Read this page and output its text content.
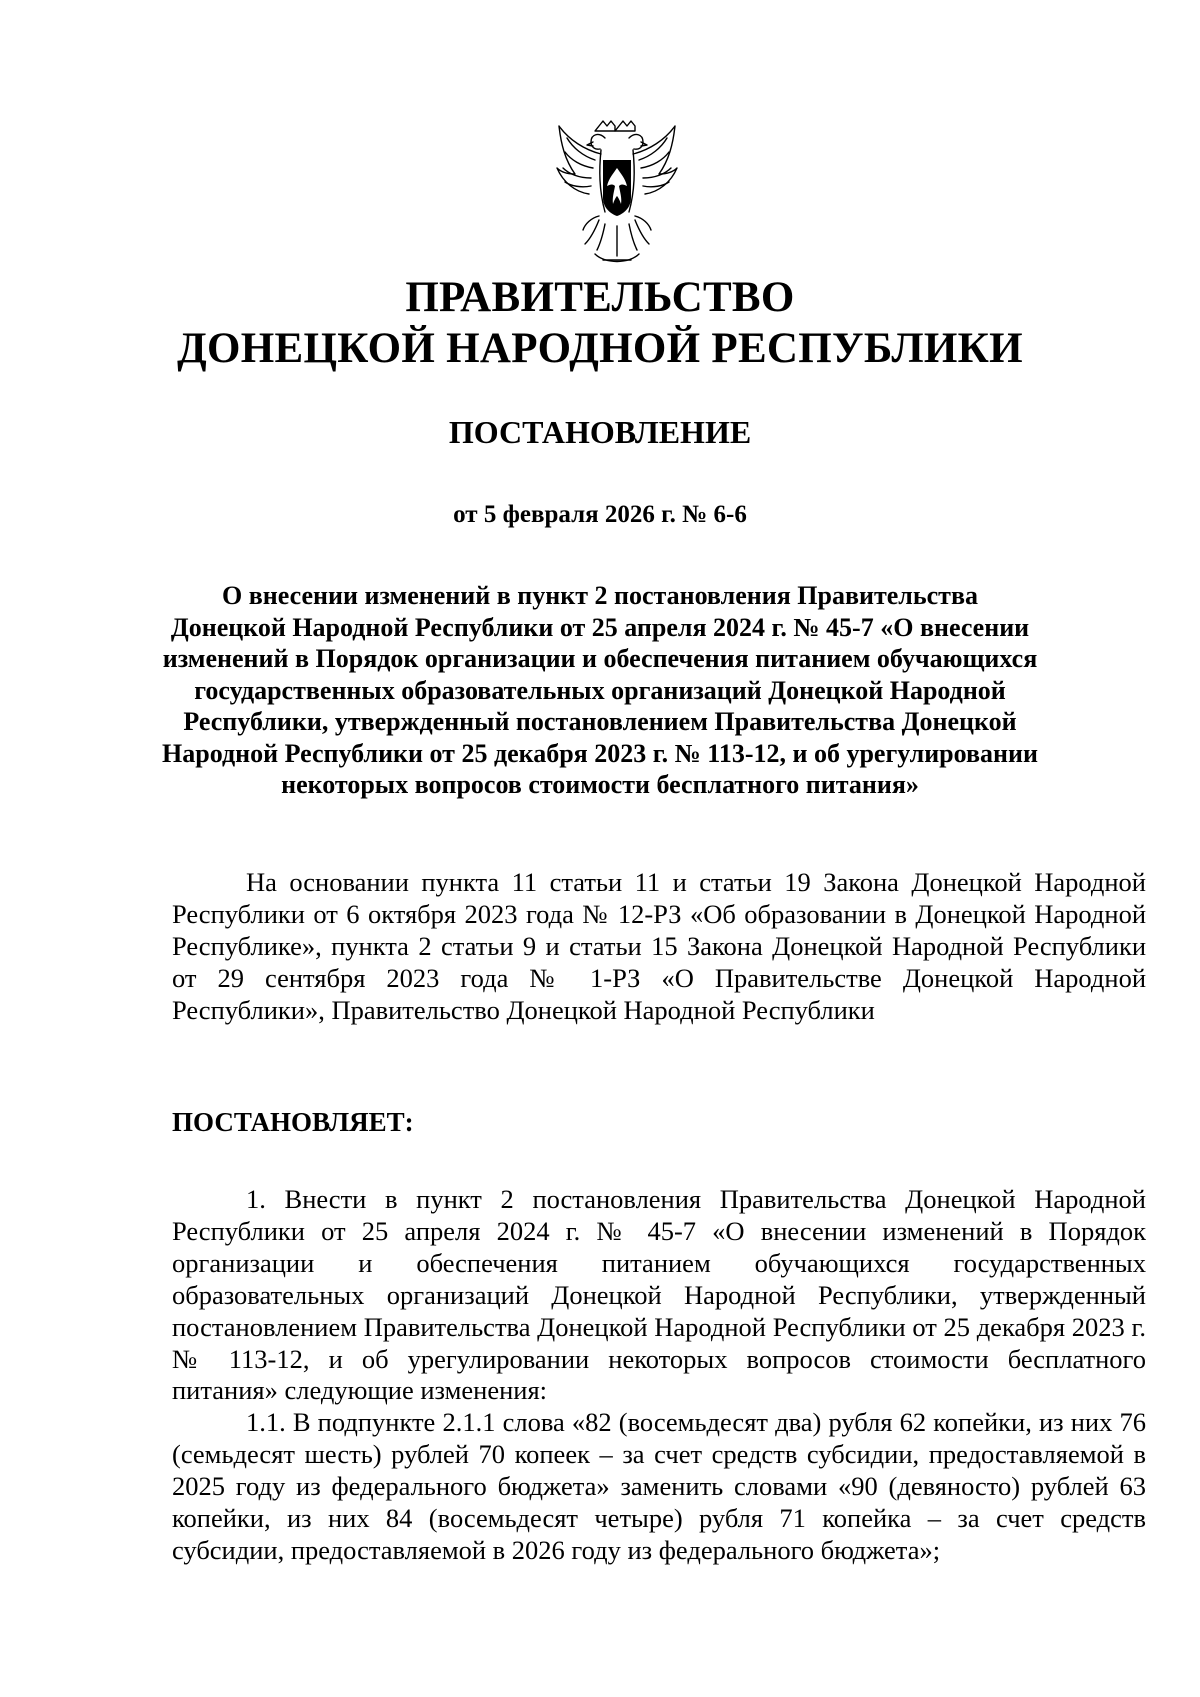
ПРАВИТЕЛЬСТВО
ДОНЕЦКОЙ НАРОДНОЙ РЕСПУБЛИКИ
ПОСТАНОВЛЕНИЕ
от 5 февраля 2026 г. № 6-6
О внесении изменений в пункт 2 постановления Правительства
Донецкой Народной Республики от 25 апреля 2024 г. № 45-7 «О внесении
изменений в Порядок организации и обеспечения питанием обучающихся
государственных образовательных организаций Донецкой Народной
Республики, утвержденный постановлением Правительства Донецкой
Народной Республики от 25 декабря 2023 г. № 113-12, и об урегулировании
некоторых вопросов стоимости бесплатного питания»

На основании пункта 11 статьи 11 и статьи 19 Закона Донецкой Народной Республики от 6 октября 2023 года № 12-РЗ «Об образовании в Донецкой Народной Республике», пункта 2 статьи 9 и статьи 15 Закона Донецкой Народной Республики от 29 сентября 2023 года № 1-РЗ «О Правительстве Донецкой Народной Республики», Правительство Донецкой Народной Республики

ПОСТАНОВЛЯЕТ:

1. Внести в пункт 2 постановления Правительства Донецкой Народной Республики от 25 апреля 2024 г. № 45-7 «О внесении изменений в Порядок организации и обеспечения питанием обучающихся государственных образовательных организаций Донецкой Народной Республики, утвержденный постановлением Правительства Донецкой Народной Республики от 25 декабря 2023 г. № 113-12, и об урегулировании некоторых вопросов стоимости бесплатного питания» следующие изменения:

1.1. В подпункте 2.1.1 слова «82 (восемьдесят два) рубля 62 копейки, из них 76 (семьдесят шесть) рублей 70 копеек – за счет средств субсидии, предоставляемой в 2025 году из федерального бюджета» заменить словами «90 (девяносто) рублей 63 копейки, из них 84 (восемьдесят четыре) рубля 71 копейка – за счет средств субсидии, предоставляемой в 2026 году из федерального бюджета»;
